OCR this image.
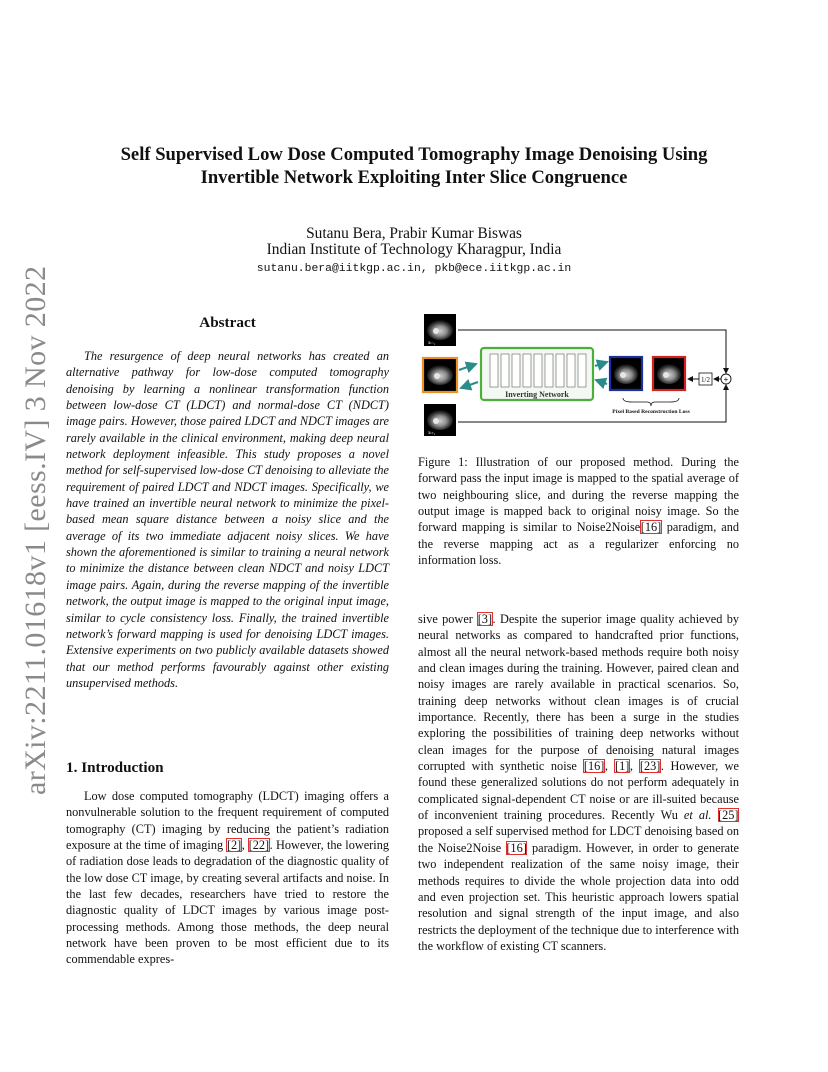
arXiv:2211.01618v1 [eess.IV] 3 Nov 2022
Self Supervised Low Dose Computed Tomography Image Denoising Using
Invertible Network Exploiting Inter Slice Congruence
Sutanu Bera, Prabir Kumar Biswas
Indian Institute of Technology Kharagpur, India
sutanu.bera@iitkgp.ac.in, pkb@ece.iitkgp.ac.in
Abstract
The resurgence of deep neural networks has created an alternative pathway for low-dose computed tomography denoising by learning a nonlinear transformation function between low-dose CT (LDCT) and normal-dose CT (NDCT) image pairs. However, those paired LDCT and NDCT images are rarely available in the clinical environment, making deep neural network deployment infeasible. This study proposes a novel method for self-supervised low-dose CT denoising to alleviate the requirement of paired LDCT and NDCT images. Specifically, we have trained an invertible neural network to minimize the pixel-based mean square distance between a noisy slice and the average of its two immediate adjacent noisy slices. We have shown the aforementioned is similar to training a neural network to minimize the distance between clean NDCT and noisy LDCT image pairs. Again, during the reverse mapping of the invertible network, the output image is mapped to the original input image, similar to cycle consistency loss. Finally, the trained invertible network’s forward mapping is used for denoising LDCT images. Extensive experiments on two publicly available datasets showed that our method performs favourably against other existing unsupervised methods.
1. Introduction
Low dose computed tomography (LDCT) imaging offers a nonvulnerable solution to the frequent requirement of computed tomography (CT) imaging by reducing the patient’s radiation exposure at the time of imaging [2], [22]. However, the lowering of radiation dose leads to degradation of the diagnostic quality of the low dose CT image, by creating several artifacts and noise. In the last few decades, researchers have tried to restore the diagnostic quality of LDCT images by various image post-processing methods. Among those methods, the deep neural network have been proven to be most efficient due to its commendable expres-
xₗ₋₁
xₗ₊₁
Inverting Network
1/2 +
Pixel Based Reconstruction Loss
Figure 1: Illustration of our proposed method. During the forward pass the input image is mapped to the spatial average of two neighbouring slice, and during the reverse mapping the output image is mapped back to original noisy image. So the forward mapping is similar to Noise2Noise[16] paradigm, and the reverse mapping act as a regularizer enforcing no information loss.
sive power [3]. Despite the superior image quality achieved by neural networks as compared to handcrafted prior functions, almost all the neural network-based methods require both noisy and clean images during the training. However, paired clean and noisy images are rarely available in practical scenarios. So, training deep networks without clean images is of crucial importance. Recently, there has been a surge in the studies exploring the possibilities of training deep networks without clean images for the purpose of denoising natural images corrupted with synthetic noise [16], [1], [23]. However, we found these generalized solutions do not perform adequately in complicated signal-dependent CT noise or are ill-suited because of inconvenient training procedures. Recently Wu et al. [25] proposed a self supervised method for LDCT denoising based on the Noise2Noise [16] paradigm. However, in order to generate two independent realization of the same noisy image, their methods requires to divide the whole projection data into odd and even projection set. This heuristic approach lowers spatial resolution and signal strength of the input image, and also restricts the deployment of the technique due to interference with the workflow of existing CT scanners.
